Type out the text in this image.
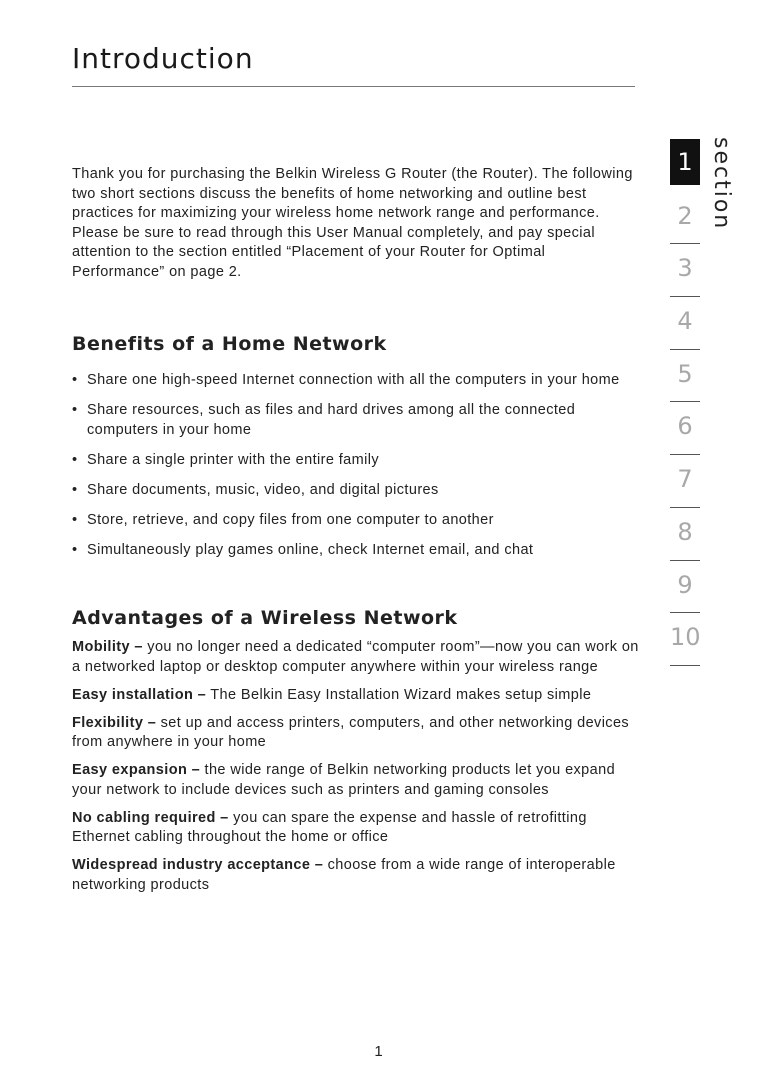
Introduction

Thank you for purchasing the Belkin Wireless G Router (the Router). The following two short sections discuss the benefits of home networking and outline best practices for maximizing your wireless home network range and performance. Please be sure to read through this User Manual completely, and pay special attention to the section entitled “Placement of your Router for Optimal Performance” on page 2.

Benefits of a Home Network
• Share one high-speed Internet connection with all the computers in your home
• Share resources, such as files and hard drives among all the connected computers in your home
• Share a single printer with the entire family
• Share documents, music, video, and digital pictures
• Store, retrieve, and copy files from one computer to another
• Simultaneously play games online, check Internet email, and chat
Advantages of a Wireless Network

Mobility – you no longer need a dedicated “computer room”—now you can work on a networked laptop or desktop computer anywhere within your wireless range

Easy installation – The Belkin Easy Installation Wizard makes setup simple

Flexibility – set up and access printers, computers, and other networking devices from anywhere in your home

Easy expansion – the wide range of Belkin networking products let you expand your network to include devices such as printers and gaming consoles

No cabling required – you can spare the expense and hassle of retrofitting Ethernet cabling throughout the home or office

Widespread industry acceptance – choose from a wide range of interoperable networking products

1
2
3
4
5
6
7
8
9
10
section
1
